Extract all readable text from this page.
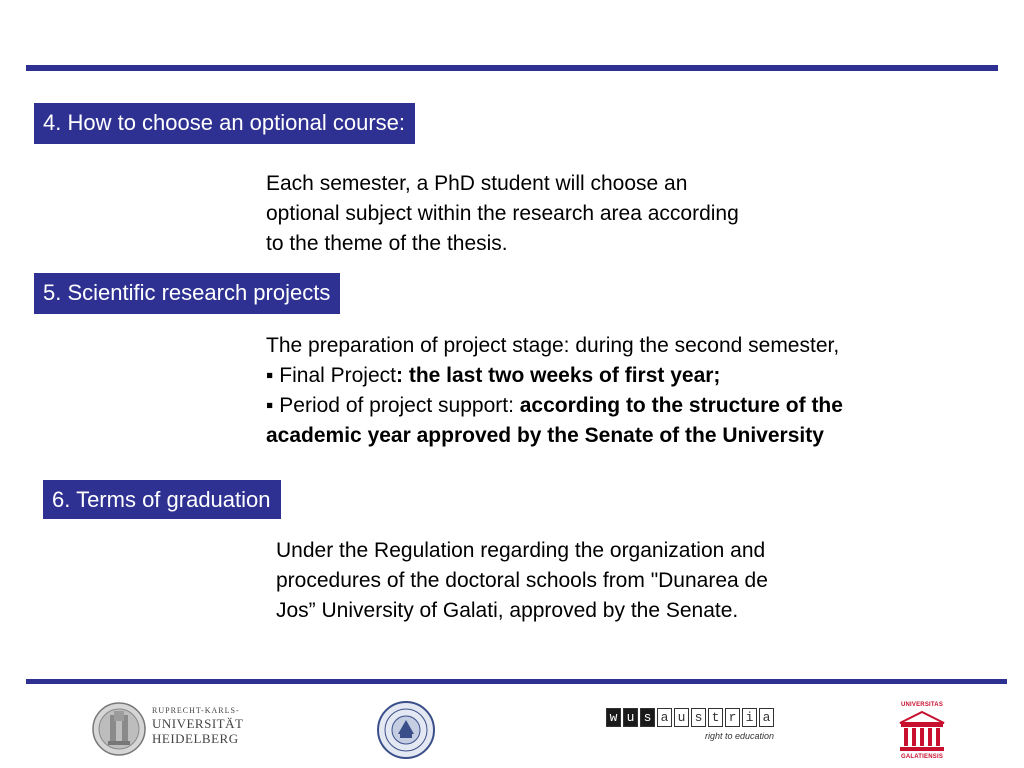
4. How to choose an optional course:
Each semester, a PhD student will choose an
optional subject within the research area according
to the theme of the thesis.
5. Scientific research projects
The preparation of project stage: during the second semester,
▪ Final Project: the last two weeks of first year;
▪ Period of project support: according to the structure of the
academic year approved by the Senate of the University
6. Terms of graduation
Under the Regulation regarding the organization and
procedures of the doctoral schools from "Dunarea de
Jos” University of Galati, approved by the Senate.
RUPRECHT-KARLS-
UNIVERSITÄT
HEIDELBERG
w u s a u s t r i a
right to education
UNIVERSITAS
GALATIENSIS
